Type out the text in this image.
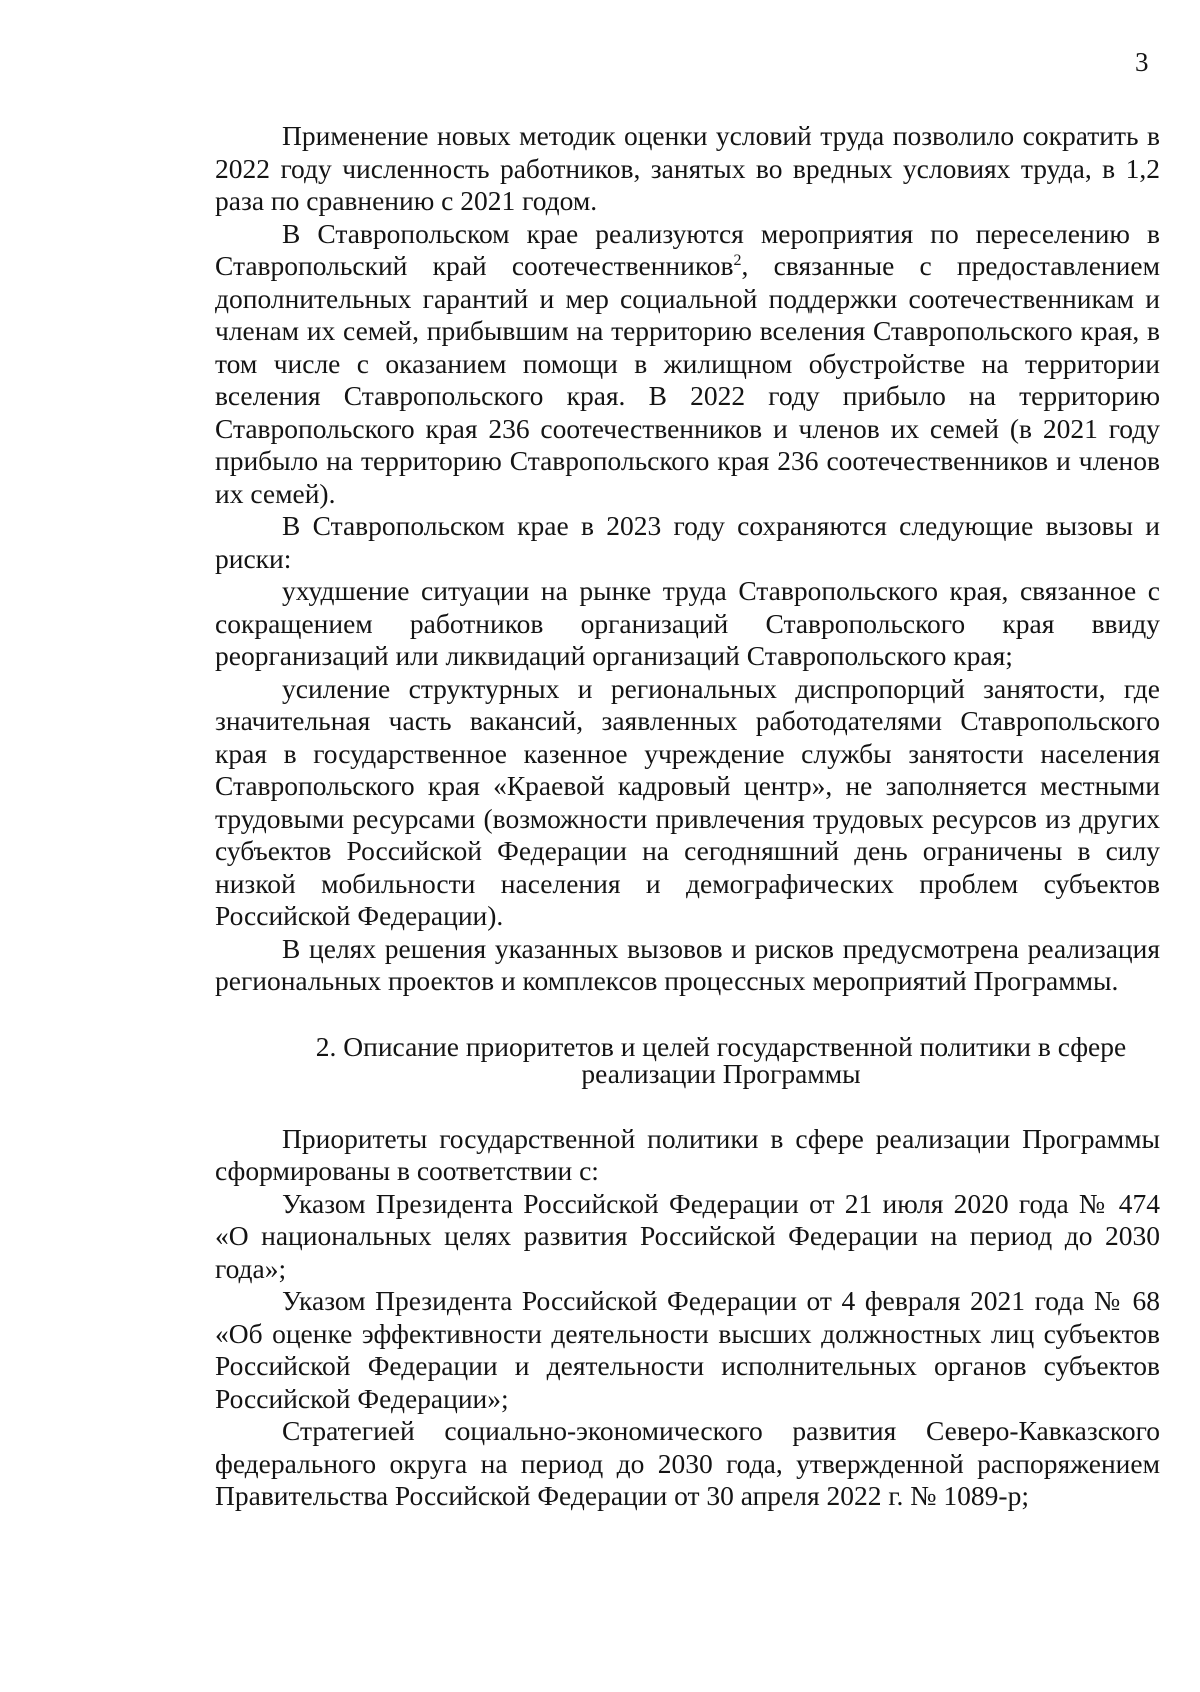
3

Применение новых методик оценки условий труда позволило сократить в 2022 году численность работников, занятых во вредных условиях труда, в 1,2 раза по сравнению с 2021 годом.

В Ставропольском крае реализуются мероприятия по переселению в Ставропольский край соотечественников$^2$, связанные с предоставлением дополнительных гарантий и мер социальной поддержки соотечественникам и членам их семей, прибывшим на территорию вселения Ставропольского края, в том числе с оказанием помощи в жилищном обустройстве на территории вселения Ставропольского края. В 2022 году прибыло на территорию Ставропольского края 236 соотечественников и членов их семей (в 2021 году прибыло на территорию Ставропольского края 236 соотечественников и членов их семей).

В Ставропольском крае в 2023 году сохраняются следующие вызовы и риски:

ухудшение ситуации на рынке труда Ставропольского края, связанное с сокращением работников организаций Ставропольского края ввиду реорганизаций или ликвидаций организаций Ставропольского края;

усиление структурных и региональных диспропорций занятости, где значительная часть вакансий, заявленных работодателями Ставропольского края в государственное казенное учреждение службы занятости населения Ставропольского края «Краевой кадровый центр», не заполняется местными трудовыми ресурсами (возможности привлечения трудовых ресурсов из других субъектов Российской Федерации на сегодняшний день ограничены в силу низкой мобильности населения и демографических проблем субъектов Российской Федерации).

В целях решения указанных вызовов и рисков предусмотрена реализация региональных проектов и комплексов процессных мероприятий Программы.

2. Описание приоритетов и целей государственной политики в сфере
реализации Программы

Приоритеты государственной политики в сфере реализации Программы сформированы в соответствии с:

Указом Президента Российской Федерации от 21 июля 2020 года № 474 «О национальных целях развития Российской Федерации на период до 2030 года»;

Указом Президента Российской Федерации от 4 февраля 2021 года № 68 «Об оценке эффективности деятельности высших должностных лиц субъектов Российской Федерации и деятельности исполнительных органов субъектов Российской Федерации»;

Стратегией социально-экономического развития Северо-Кавказского федерального округа на период до 2030 года, утвержденной распоряжением Правительства Российской Федерации от 30 апреля 2022 г. № 1089-р;
